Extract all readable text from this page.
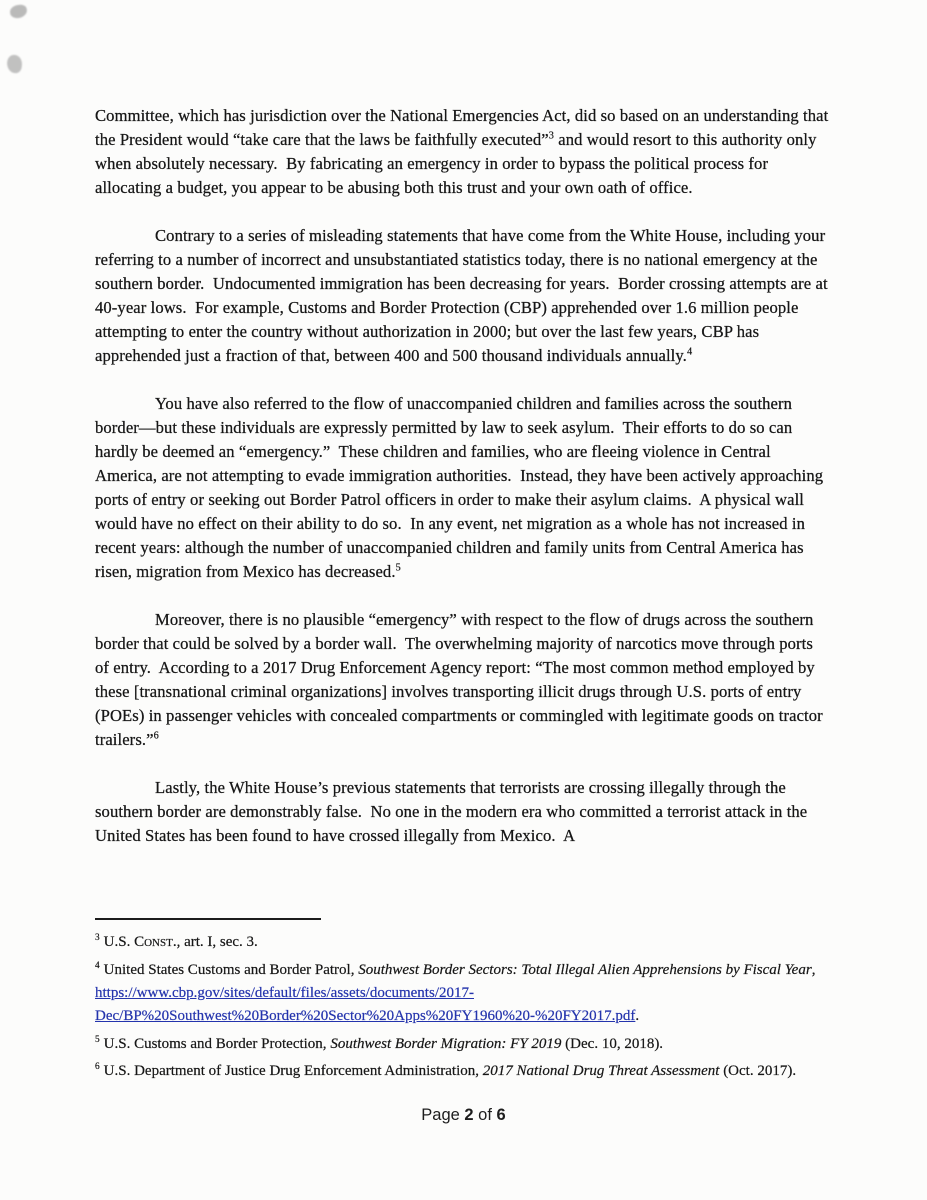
Committee, which has jurisdiction over the National Emergencies Act, did so based on an understanding that the President would “take care that the laws be faithfully executed”$^3$ and would resort to this authority only when absolutely necessary.  By fabricating an emergency in order to bypass the political process for allocating a budget, you appear to be abusing both this trust and your own oath of office.

Contrary to a series of misleading statements that have come from the White House, including your referring to a number of incorrect and unsubstantiated statistics today, there is no national emergency at the southern border.  Undocumented immigration has been decreasing for years.  Border crossing attempts are at 40-year lows.  For example, Customs and Border Protection (CBP) apprehended over 1.6 million people attempting to enter the country without authorization in 2000; but over the last few years, CBP has apprehended just a fraction of that, between 400 and 500 thousand individuals annually.$^4$

You have also referred to the flow of unaccompanied children and families across the southern border—but these individuals are expressly permitted by law to seek asylum.  Their efforts to do so can hardly be deemed an “emergency.”  These children and families, who are fleeing violence in Central America, are not attempting to evade immigration authorities.  Instead, they have been actively approaching ports of entry or seeking out Border Patrol officers in order to make their asylum claims.  A physical wall would have no effect on their ability to do so.  In any event, net migration as a whole has not increased in recent years: although the number of unaccompanied children and family units from Central America has risen, migration from Mexico has decreased.$^5$

Moreover, there is no plausible “emergency” with respect to the flow of drugs across the southern border that could be solved by a border wall.  The overwhelming majority of narcotics move through ports of entry.  According to a 2017 Drug Enforcement Agency report: “The most common method employed by these [transnational criminal organizations] involves transporting illicit drugs through U.S. ports of entry (POEs) in passenger vehicles with concealed compartments or commingled with legitimate goods on tractor trailers.”$^6$

Lastly, the White House’s previous statements that terrorists are crossing illegally through the southern border are demonstrably false.  No one in the modern era who committed a terrorist attack in the United States has been found to have crossed illegally from Mexico.  A

$^3$ U.S. Const., art. I, sec. 3.
$^4$ United States Customs and Border Patrol, Southwest Border Sectors: Total Illegal Alien Apprehensions by Fiscal Year, https://www.cbp.gov/sites/default/files/assets/documents/2017-Dec/BP%20Southwest%20Border%20Sector%20Apps%20FY1960%20-%20FY2017.pdf.
$^5$ U.S. Customs and Border Protection, Southwest Border Migration: FY 2019 (Dec. 10, 2018).
$^6$ U.S. Department of Justice Drug Enforcement Administration, 2017 National Drug Threat Assessment (Oct. 2017).
Page 2 of 6
